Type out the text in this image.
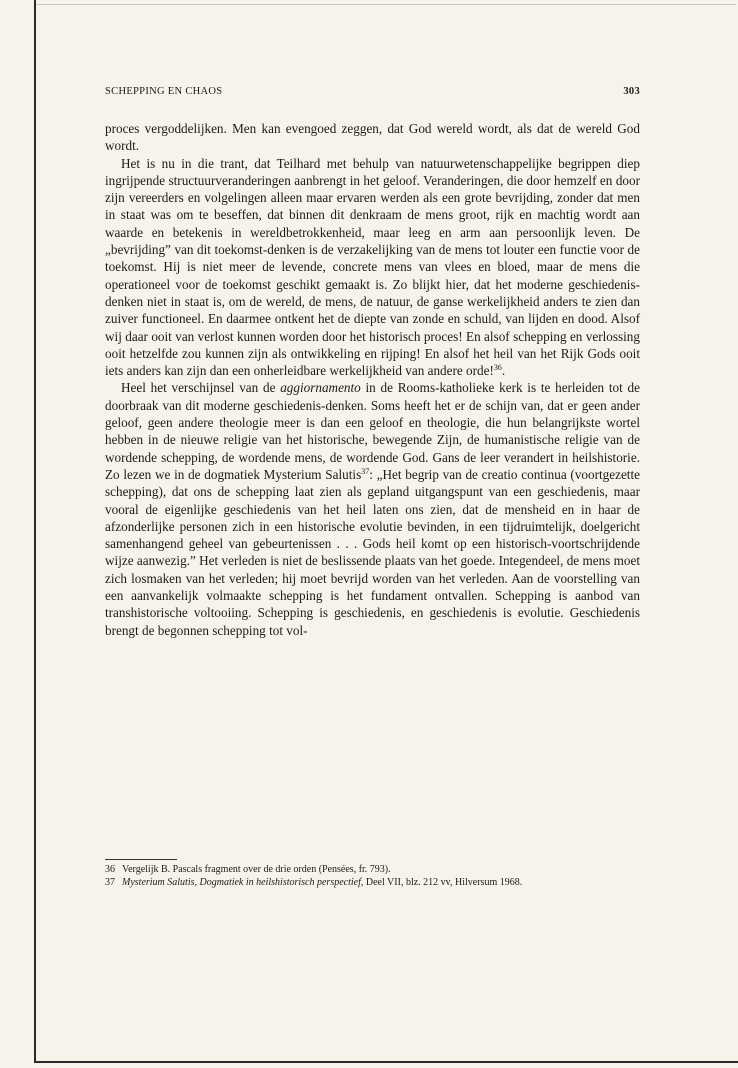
SCHEPPING EN CHAOS	303

proces vergoddelijken. Men kan evengoed zeggen, dat God wereld wordt, als dat de wereld God wordt.

Het is nu in die trant, dat Teilhard met behulp van natuurwetenschappelijke begrippen diep ingrijpende structuurveranderingen aanbrengt in het geloof. Veranderingen, die door hemzelf en door zijn vereerders en volgelingen alleen maar ervaren werden als een grote bevrijding, zonder dat men in staat was om te beseffen, dat binnen dit denkraam de mens groot, rijk en machtig wordt aan waarde en betekenis in wereldbetrokkenheid, maar leeg en arm aan persoonlijk leven. De „bevrijding” van dit toekomst-denken is de verzakelijking van de mens tot louter een functie voor de toekomst. Hij is niet meer de levende, concrete mens van vlees en bloed, maar de mens die operationeel voor de toekomst geschikt gemaakt is. Zo blijkt hier, dat het moderne geschiedenis-denken niet in staat is, om de wereld, de mens, de natuur, de ganse werkelijkheid anders te zien dan zuiver functioneel. En daarmee ontkent het de diepte van zonde en schuld, van lijden en dood. Alsof wij daar ooit van verlost kunnen worden door het historisch proces! En alsof schepping en verlossing ooit hetzelfde zou kunnen zijn als ontwikkeling en rijping! En alsof het heil van het Rijk Gods ooit iets anders kan zijn dan een onherleidbare werkelijkheid van andere orde!$^{36}$.

Heel het verschijnsel van de aggiornamento in de Rooms-katholieke kerk is te herleiden tot de doorbraak van dit moderne geschiedenis-denken. Soms heeft het er de schijn van, dat er geen ander geloof, geen andere theologie meer is dan een geloof en theologie, die hun belangrijkste wortel hebben in de nieuwe religie van het historische, bewegende Zijn, de humanistische religie van de wordende schepping, de wordende mens, de wordende God. Gans de leer verandert in heilshistorie. Zo lezen we in de dogmatiek Mysterium Salutis$^{37}$: „Het begrip van de creatio continua (voortgezette schepping), dat ons de schepping laat zien als gepland uitgangspunt van een geschiedenis, maar vooral de eigenlijke geschiedenis van het heil laten ons zien, dat de mensheid en in haar de afzonderlijke personen zich in een historische evolutie bevinden, in een tijdruimtelijk, doelgericht samenhangend geheel van gebeurtenissen . . . Gods heil komt op een historisch-voortschrijdende wijze aanwezig.” Het verleden is niet de beslissende plaats van het goede. Integendeel, de mens moet zich losmaken van het verleden; hij moet bevrijd worden van het verleden. Aan de voorstelling van een aanvankelijk volmaakte schepping is het fundament ontvallen. Schepping is aanbod van transhistorische voltooiing. Schepping is geschiedenis, en geschiedenis is evolutie. Geschiedenis brengt de begonnen schepping tot vol-

36 Vergelijk B. Pascals fragment over de drie orden (Pensées, fr. 793).
37 Mysterium Salutis, Dogmatiek in heilshistorisch perspectief, Deel VII, blz. 212 vv, Hilversum 1968.
